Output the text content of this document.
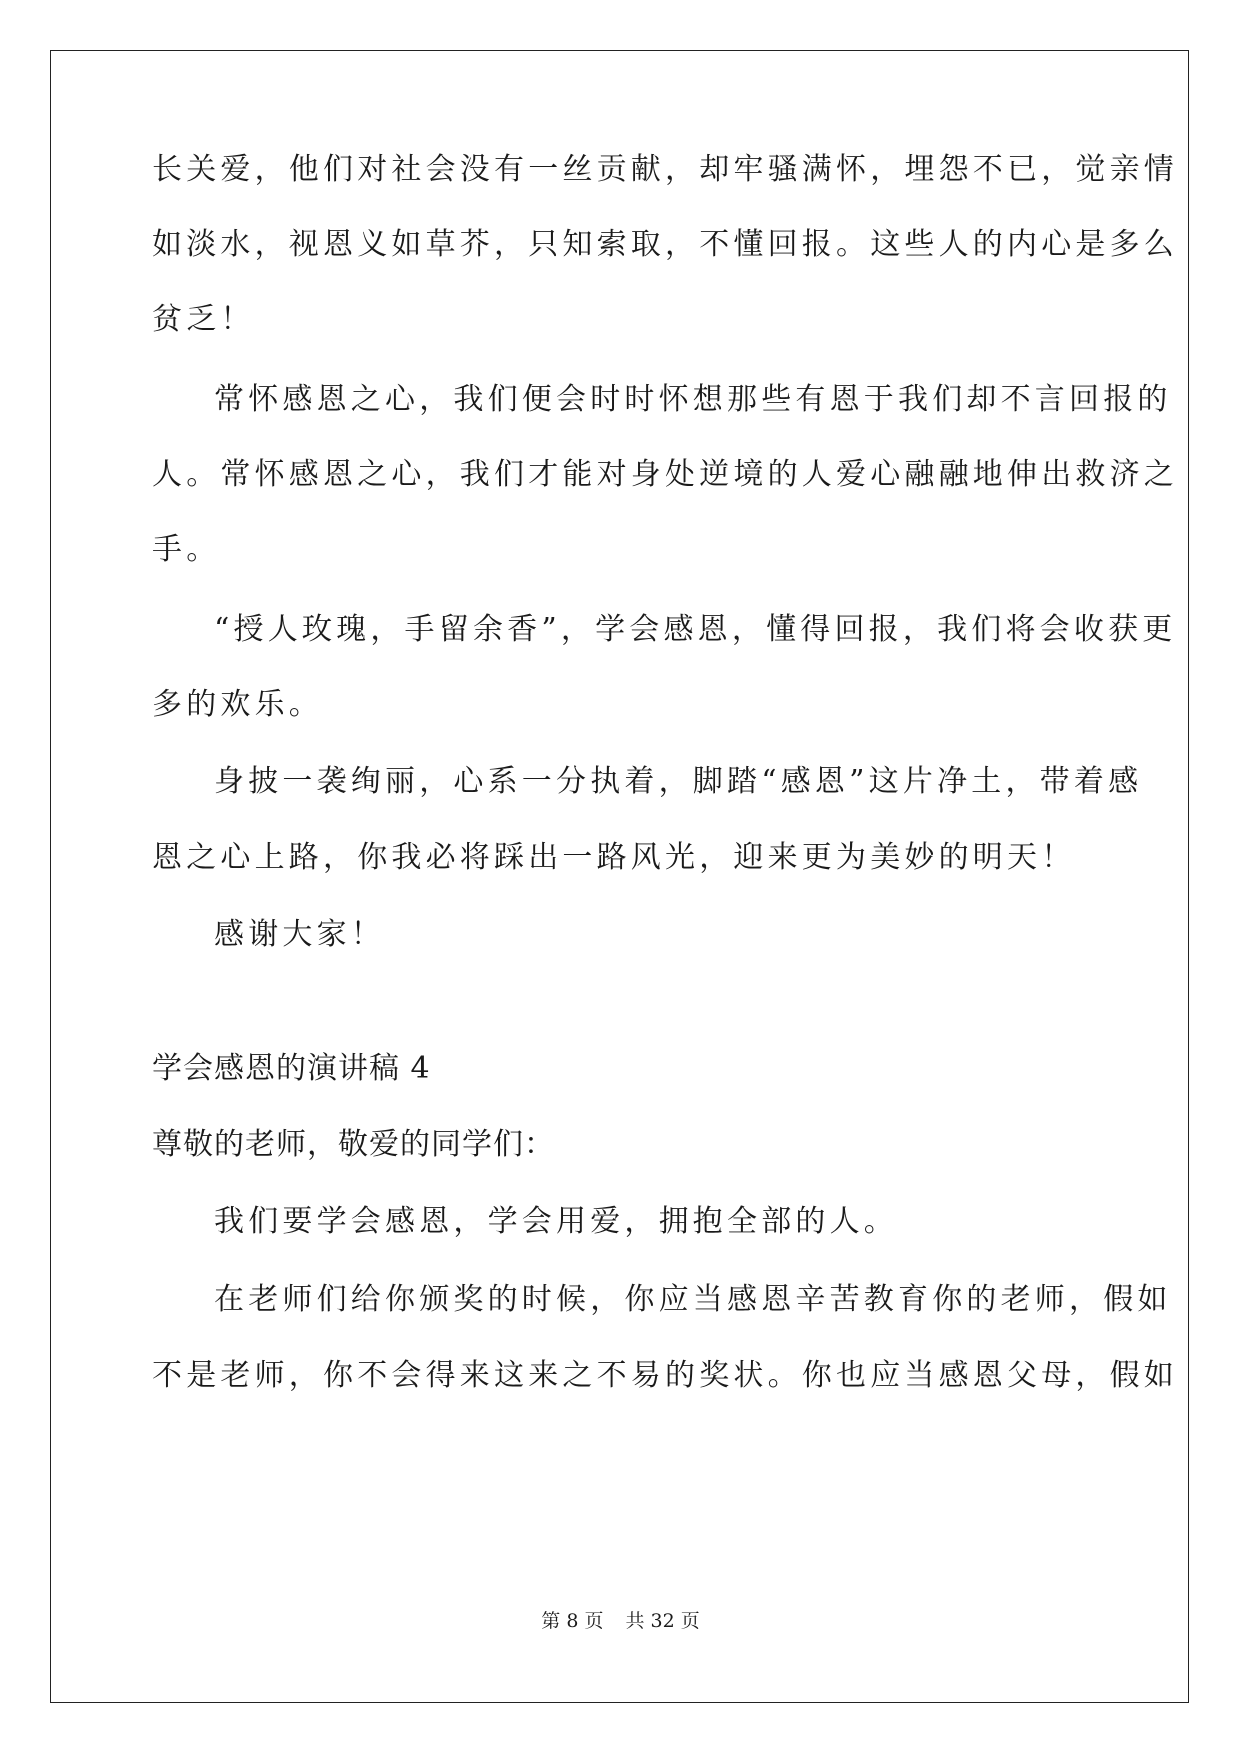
长关爱，他们对社会没有一丝贡献，却牢骚满怀，埋怨不已，觉亲情
如淡水，视恩义如草芥，只知索取，不懂回报。这些人的内心是多么
贫乏！
常怀感恩之心，我们便会时时怀想那些有恩于我们却不言回报的
人。常怀感恩之心，我们才能对身处逆境的人爱心融融地伸出救济之
手。
“授人玫瑰，手留余香”，学会感恩，懂得回报，我们将会收获更
多的欢乐。
身披一袭绚丽，心系一分执着，脚踏“感恩”这片净土，带着感
恩之心上路，你我必将踩出一路风光，迎来更为美妙的明天！
感谢大家！
学会感恩的演讲稿 4
尊敬的老师，敬爱的同学们：
我们要学会感恩，学会用爱，拥抱全部的人。
在老师们给你颁奖的时候，你应当感恩辛苦教育你的老师，假如
不是老师，你不会得来这来之不易的奖状。你也应当感恩父母，假如
第 8 页 共 32 页
